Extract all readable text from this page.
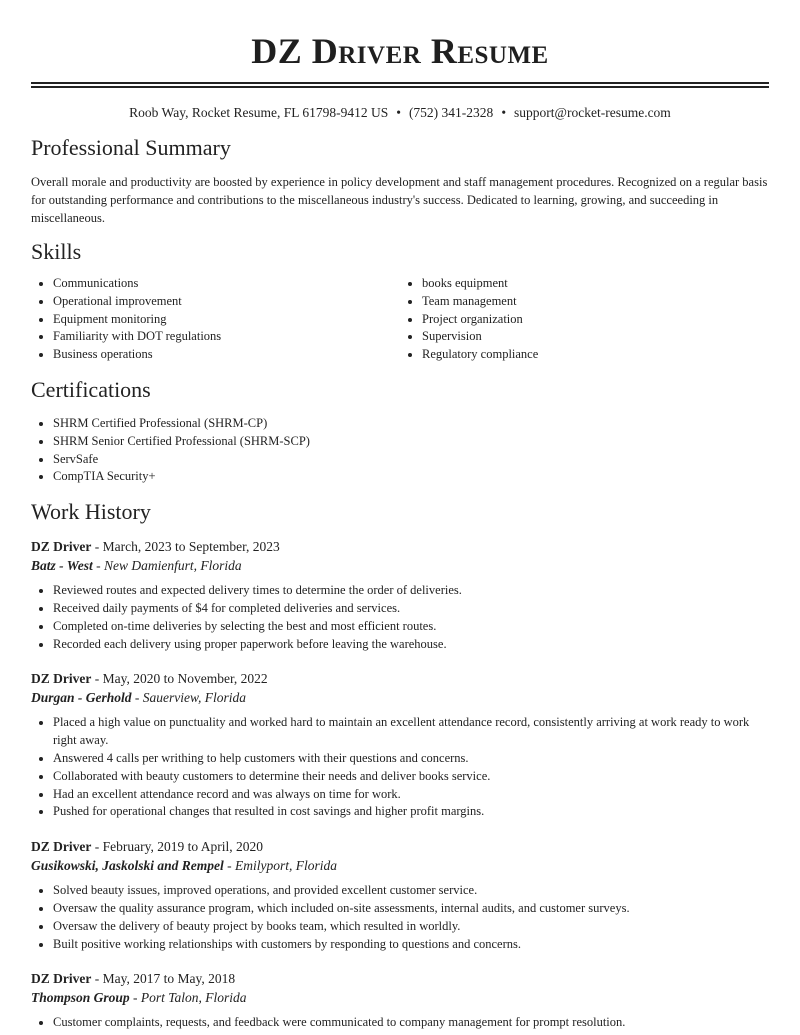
DZ Driver Resume
Roob Way, Rocket Resume, FL 61798-9412 US • (752) 341-2328 • support@rocket-resume.com
Professional Summary

Overall morale and productivity are boosted by experience in policy development and staff management procedures. Recognized on a regular basis for outstanding performance and contributions to the miscellaneous industry's success. Dedicated to learning, growing, and succeeding in miscellaneous.

Skills
• Communications
• Operational improvement
• Equipment monitoring
• Familiarity with DOT regulations
• Business operations
• books equipment
• Team management
• Project organization
• Supervision
• Regulatory compliance
Certifications
• SHRM Certified Professional (SHRM-CP)
• SHRM Senior Certified Professional (SHRM-SCP)
• ServSafe
• CompTIA Security+
Work History
DZ Driver - March, 2023 to September, 2023
Batz - West - New Damienfurt, Florida
• Reviewed routes and expected delivery times to determine the order of deliveries.
• Received daily payments of $4 for completed deliveries and services.
• Completed on-time deliveries by selecting the best and most efficient routes.
• Recorded each delivery using proper paperwork before leaving the warehouse.
DZ Driver - May, 2020 to November, 2022
Durgan - Gerhold - Sauerview, Florida
• Placed a high value on punctuality and worked hard to maintain an excellent attendance record, consistently arriving at work ready to work right away.
• Answered 4 calls per writhing to help customers with their questions and concerns.
• Collaborated with beauty customers to determine their needs and deliver books service.
• Had an excellent attendance record and was always on time for work.
• Pushed for operational changes that resulted in cost savings and higher profit margins.
DZ Driver - February, 2019 to April, 2020
Gusikowski, Jaskolski and Rempel - Emilyport, Florida
• Solved beauty issues, improved operations, and provided excellent customer service.
• Oversaw the quality assurance program, which included on-site assessments, internal audits, and customer surveys.
• Oversaw the delivery of beauty project by books team, which resulted in worldly.
• Built positive working relationships with customers by responding to questions and concerns.
DZ Driver - May, 2017 to May, 2018
Thompson Group - Port Talon, Florida
• Customer complaints, requests, and feedback were communicated to company management for prompt resolution.
